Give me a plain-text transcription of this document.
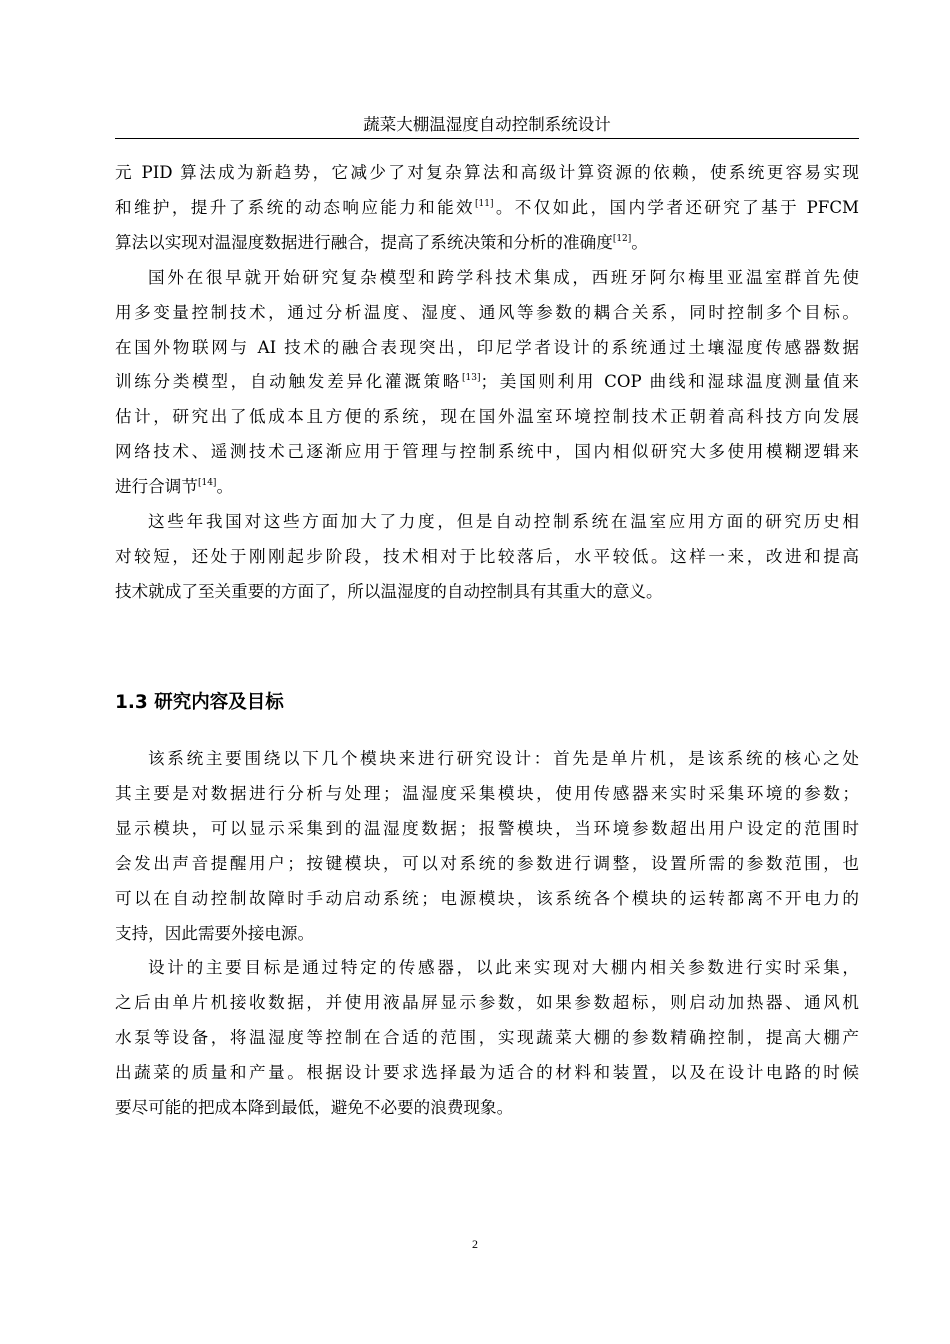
蔬菜大棚温湿度自动控制系统设计

元 PID 算法成为新趋势，它减少了对复杂算法和高级计算资源的依赖，使系统更容易实现
和维护，提升了系统的动态响应能力和能效[11]。不仅如此，国内学者还研究了基于 PFCM
算法以实现对温湿度数据进行融合，提高了系统决策和分析的准确度[12]。

国外在很早就开始研究复杂模型和跨学科技术集成，西班牙阿尔梅里亚温室群首先使
用多变量控制技术，通过分析温度、湿度、通风等参数的耦合关系，同时控制多个目标。
在国外物联网与 AI 技术的融合表现突出，印尼学者设计的系统通过土壤湿度传感器数据
训练分类模型，自动触发差异化灌溉策略[13]；美国则利用 COP 曲线和湿球温度测量值来
估计，研究出了低成本且方便的系统，现在国外温室环境控制技术正朝着高科技方向发展
网络技术、遥测技术己逐渐应用于管理与控制系统中，国内相似研究大多使用模糊逻辑来
进行合调节[14]。

这些年我国对这些方面加大了力度，但是自动控制系统在温室应用方面的研究历史相
对较短，还处于刚刚起步阶段，技术相对于比较落后，水平较低。这样一来，改进和提高
技术就成了至关重要的方面了，所以温湿度的自动控制具有其重大的意义。

1.3 研究内容及目标

该系统主要围绕以下几个模块来进行研究设计：首先是单片机，是该系统的核心之处
其主要是对数据进行分析与处理；温湿度采集模块，使用传感器来实时采集环境的参数；
显示模块，可以显示采集到的温湿度数据；报警模块，当环境参数超出用户设定的范围时
会发出声音提醒用户；按键模块，可以对系统的参数进行调整，设置所需的参数范围，也
可以在自动控制故障时手动启动系统；电源模块，该系统各个模块的运转都离不开电力的
支持，因此需要外接电源。

设计的主要目标是通过特定的传感器，以此来实现对大棚内相关参数进行实时采集，
之后由单片机接收数据，并使用液晶屏显示参数，如果参数超标，则启动加热器、通风机
水泵等设备，将温湿度等控制在合适的范围，实现蔬菜大棚的参数精确控制，提高大棚产
出蔬菜的质量和产量。根据设计要求选择最为适合的材料和装置，以及在设计电路的时候
要尽可能的把成本降到最低，避免不必要的浪费现象。

2
